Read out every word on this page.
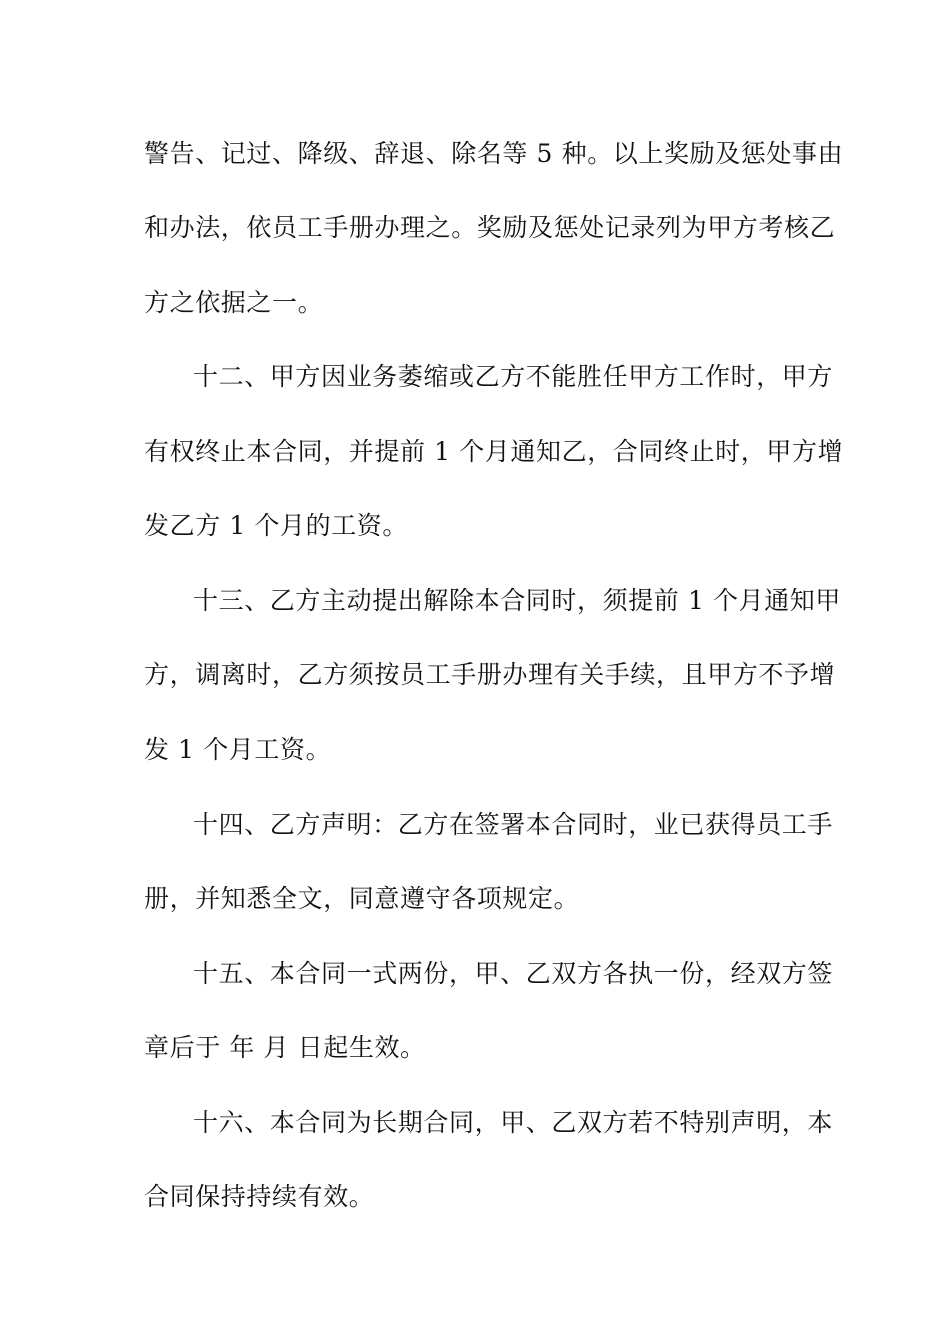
警告、记过、降级、辞退、除名等 5 种。以上奖励及惩处事由
和办法，依员工手册办理之。奖励及惩处记录列为甲方考核乙
方之依据之一。
十二、甲方因业务萎缩或乙方不能胜任甲方工作时，甲方
有权终止本合同，并提前 1 个月通知乙，合同终止时，甲方增
发乙方 1 个月的工资。
十三、乙方主动提出解除本合同时，须提前 1 个月通知甲
方，调离时，乙方须按员工手册办理有关手续，且甲方不予增
发 1 个月工资。
十四、乙方声明：乙方在签署本合同时，业已获得员工手
册，并知悉全文，同意遵守各项规定。
十五、本合同一式两份，甲、乙双方各执一份，经双方签
章后于 年 月 日起生效。
十六、本合同为长期合同，甲、乙双方若不特别声明，本
合同保持持续有效。
